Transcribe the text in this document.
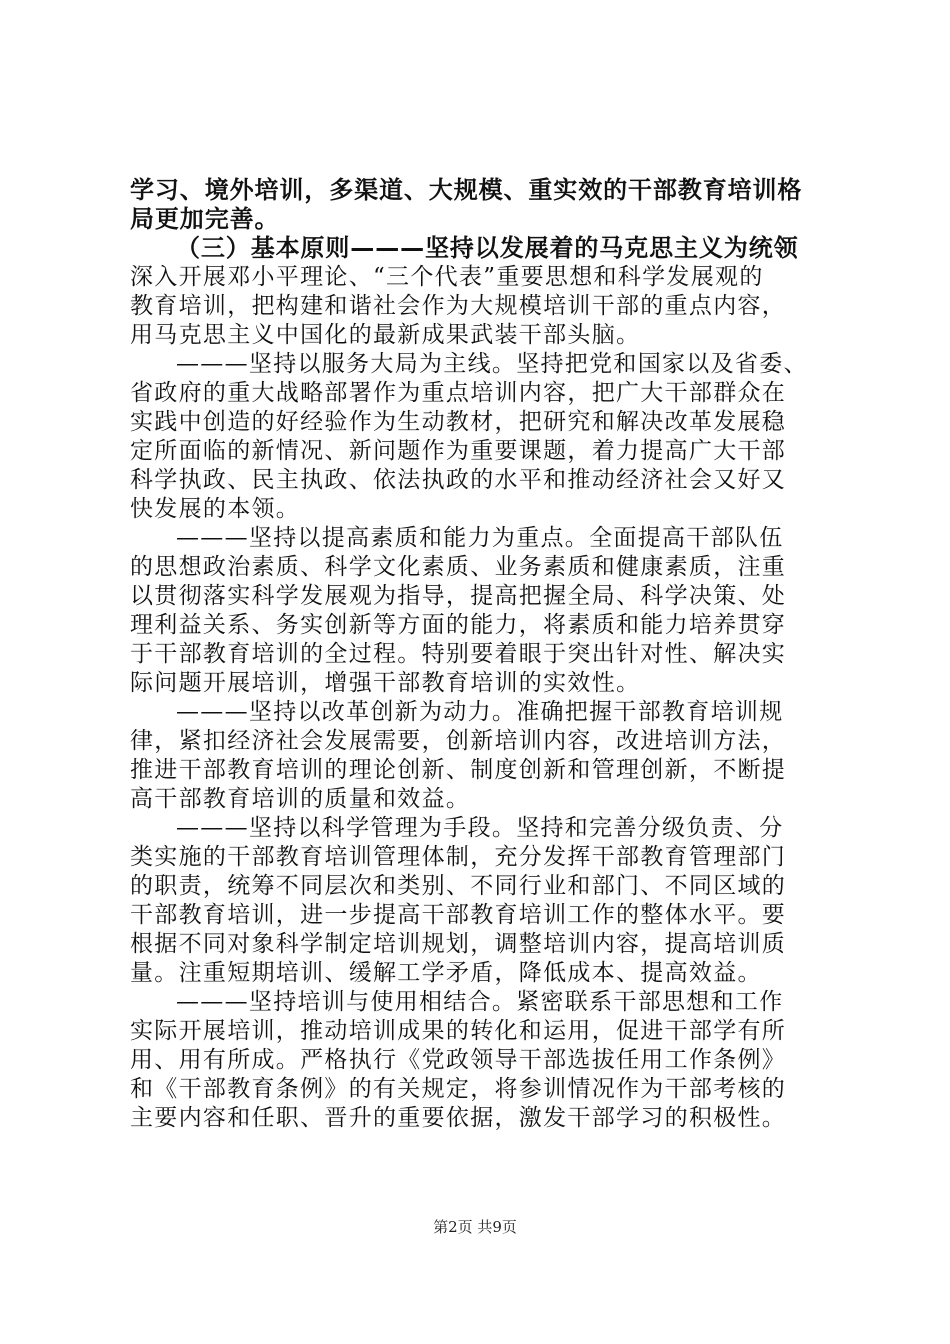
学习、境外培训，多渠道、大规模、重实效的干部教育培训格
局更加完善。
（三）基本原则———坚持以发展着的马克思主义为统领
深入开展邓小平理论、“三个代表”重要思想和科学发展观的
教育培训，把构建和谐社会作为大规模培训干部的重点内容，
用马克思主义中国化的最新成果武装干部头脑。
———坚持以服务大局为主线。坚持把党和国家以及省委、
省政府的重大战略部署作为重点培训内容，把广大干部群众在
实践中创造的好经验作为生动教材，把研究和解决改革发展稳
定所面临的新情况、新问题作为重要课题，着力提高广大干部
科学执政、民主执政、依法执政的水平和推动经济社会又好又
快发展的本领。
———坚持以提高素质和能力为重点。全面提高干部队伍
的思想政治素质、科学文化素质、业务素质和健康素质，注重
以贯彻落实科学发展观为指导，提高把握全局、科学决策、处
理利益关系、务实创新等方面的能力，将素质和能力培养贯穿
于干部教育培训的全过程。特别要着眼于突出针对性、解决实
际问题开展培训，增强干部教育培训的实效性。
———坚持以改革创新为动力。准确把握干部教育培训规
律，紧扣经济社会发展需要，创新培训内容，改进培训方法，
推进干部教育培训的理论创新、制度创新和管理创新，不断提
高干部教育培训的质量和效益。
———坚持以科学管理为手段。坚持和完善分级负责、分
类实施的干部教育培训管理体制，充分发挥干部教育管理部门
的职责，统筹不同层次和类别、不同行业和部门、不同区域的
干部教育培训，进一步提高干部教育培训工作的整体水平。要
根据不同对象科学制定培训规划，调整培训内容，提高培训质
量。注重短期培训、缓解工学矛盾，降低成本、提高效益。
———坚持培训与使用相结合。紧密联系干部思想和工作
实际开展培训，推动培训成果的转化和运用，促进干部学有所
用、用有所成。严格执行《党政领导干部选拔任用工作条例》
和《干部教育条例》的有关规定，将参训情况作为干部考核的
主要内容和任职、晋升的重要依据，激发干部学习的积极性。
第2页 共9页
